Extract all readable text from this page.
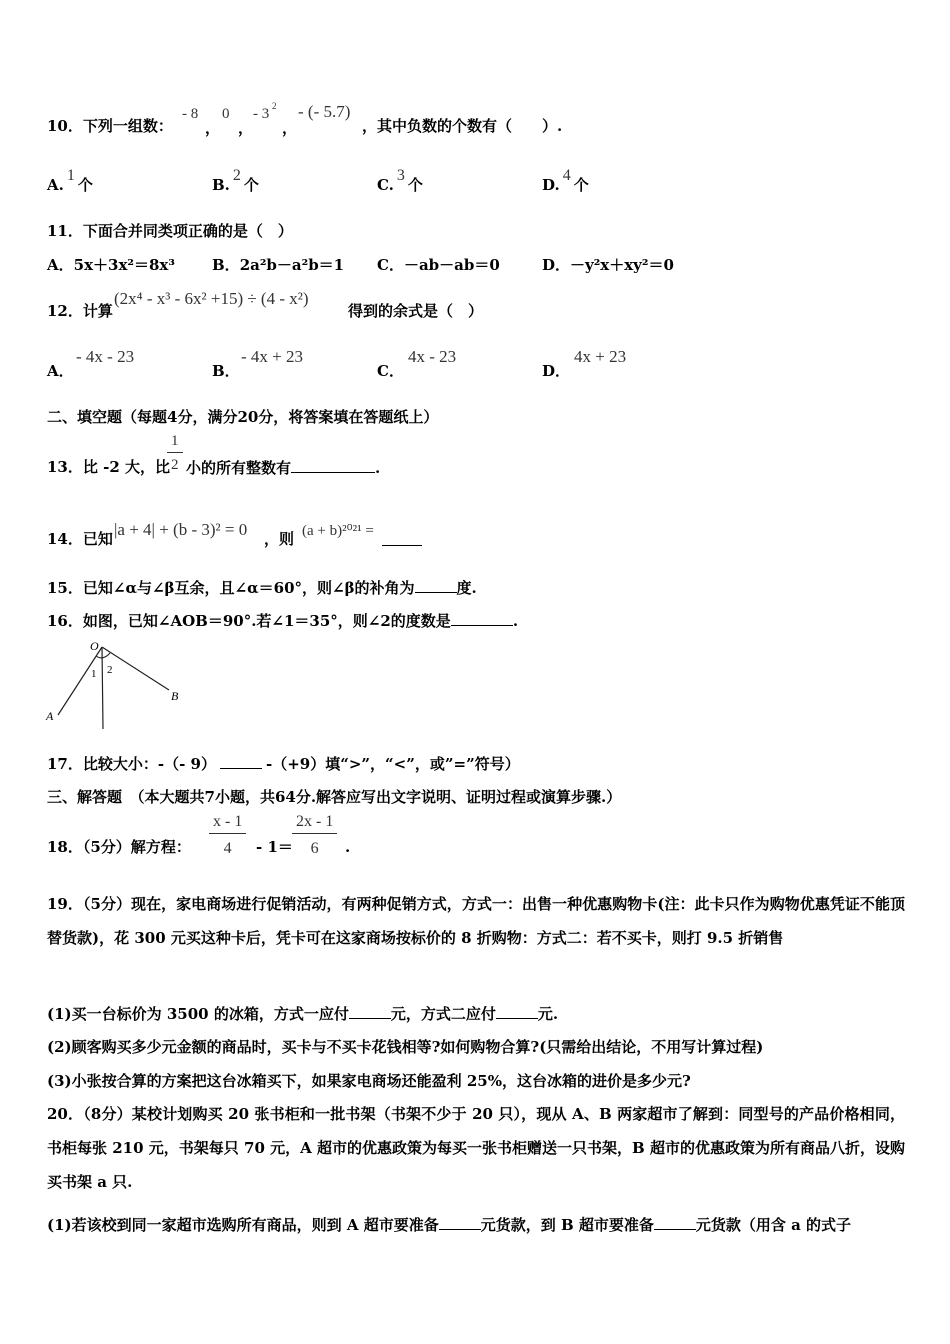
10．下列一组数：
- 8
，
0
，
- 3 2
，
- (- 5.7)
，其中负数的个数有（　　）.
A.1个	B.2个	C.3个	D.4个
11．下面合并同类项正确的是（　）
A．5x＋3x²＝8x³ B．2a²b－a²b＝1 C．－ab－ab＝0	D．－y²x＋xy²＝0
12．计算
(2x⁴ - x³ - 6x² +15) ÷ (4 - x²)
得到的余式是（　）
A．
- 4x - 23
B．
- 4x + 23
C．
4x - 23
D．
4x + 23
二、填空题（每题4分，满分20分，将答案填在答题纸上）
13．比 -2 大，比
1
2 小的所有整数有	.
14．已知 |a + 4| + (b - 3)² = 0 ，则 (a + b)²⁰²¹ =
15．已知∠α与∠β互余，且∠α＝60°，则∠β的补角为	度.
16．如图，已知∠AOB＝90°.若∠1＝35°，则∠2的度数是	.
O
A
B
1 2
17．比较大小：-（- 9）	-（+9）填“>”，“<”，或”=”符号）
三、解答题　（本大题共7小题，共64分.解答应写出文字说明、证明过程或演算步骤.）
18．（5分）解方程：
x - 1
4	- 1＝
2x - 1
6	.
19．（5分）现在，家电商场进行促销活动，有两种促销方式，方式一：出售一种优惠购物卡(注：此卡只作为购物优惠凭证不能顶替货款)，花 300 元买这种卡后，凭卡可在这家商场按标价的 8 折购物：方式二：若不买卡，则打 9.5 折销售
(1)买一台标价为 3500 的冰箱，方式一应付	元，方式二应付	元.
(2)顾客购买多少元金额的商品时，买卡与不买卡花钱相等?如何购物合算?(只需给出结论，不用写计算过程)
(3)小张按合算的方案把这台冰箱买下，如果家电商场还能盈利 25%，这台冰箱的进价是多少元?
20．（8分）某校计划购买 20 张书柜和一批书架（书架不少于 20 只），现从 A、B 两家超市了解到：同型号的产品价格相同，书柜每张 210 元，书架每只 70 元，A 超市的优惠政策为每买一张书柜赠送一只书架，B 超市的优惠政策为所有商品八折，设购买书架 a 只.
(1)若该校到同一家超市选购所有商品，则到 A 超市要准备	元货款，到 B 超市要准备	元货款（用含 a 的式子
